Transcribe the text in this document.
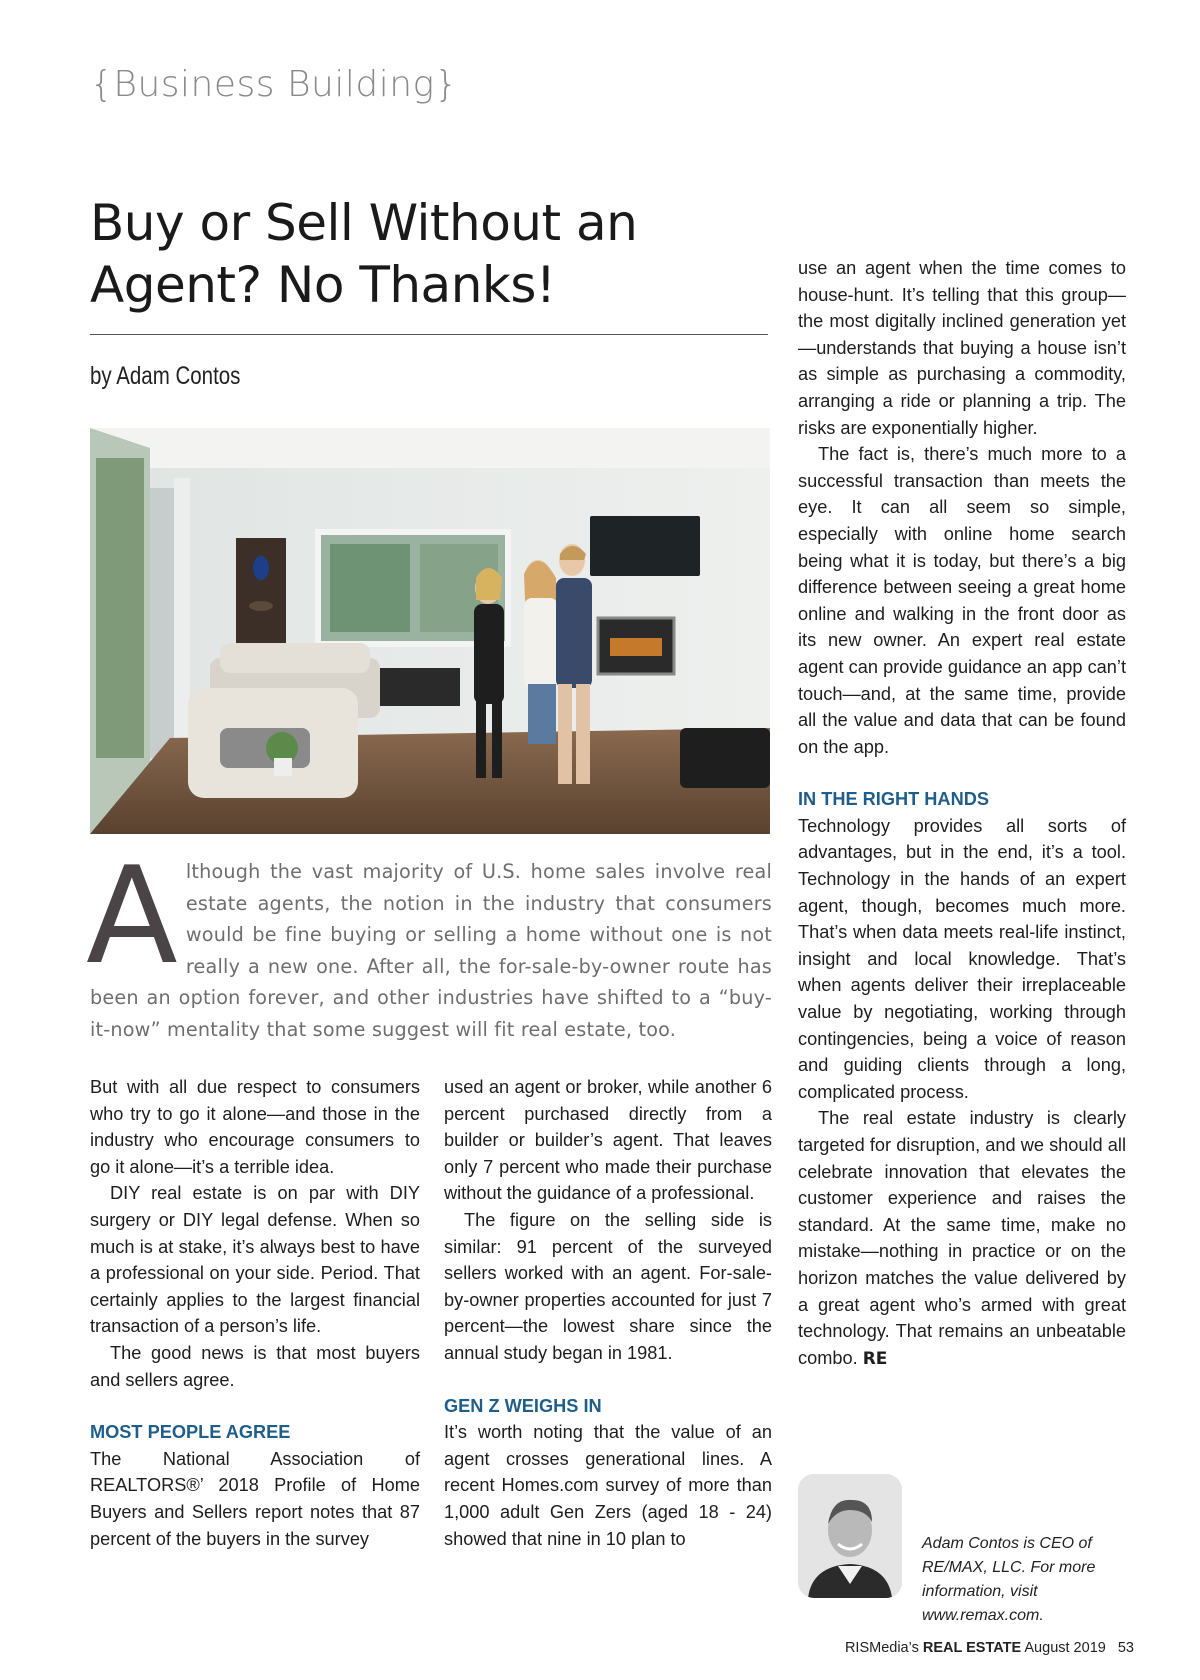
{Business Building}
Buy or Sell Without an Agent? No Thanks!
by Adam Contos
Although the vast majority of U.S. home sales involve real estate agents, the notion in the industry that consumers would be fine buying or selling a home without one is not really a new one. After all, the for-sale-by-owner route has been an option forever, and other industries have shifted to a “buy-it-now” mentality that some suggest will fit real estate, too.

But with all due respect to consumers who try to go it alone—and those in the industry who encourage consumers to go it alone—it’s a terrible idea.

DIY real estate is on par with DIY surgery or DIY legal defense. When so much is at stake, it’s always best to have a professional on your side. Period. That certainly applies to the largest financial transaction of a person’s life.

The good news is that most buyers and sellers agree.

MOST PEOPLE AGREE

The National Association of REALTORS®’ 2018 Profile of Home Buyers and Sellers report notes that 87 percent of the buyers in the survey

used an agent or broker, while another 6 percent purchased directly from a builder or builder’s agent. That leaves only 7 percent who made their purchase without the guidance of a professional.

The figure on the selling side is similar: 91 percent of the surveyed sellers worked with an agent. For-sale-by-owner properties accounted for just 7 percent—the lowest share since the annual study began in 1981.

GEN Z WEIGHS IN

It’s worth noting that the value of an agent crosses generational lines. A recent Homes.com survey of more than 1,000 adult Gen Zers (aged 18 - 24) showed that nine in 10 plan to

use an agent when the time comes to house-hunt. It’s telling that this group—the most digitally inclined generation yet—understands that buying a house isn’t as simple as purchasing a commodity, arranging a ride or planning a trip. The risks are exponentially higher.

The fact is, there’s much more to a successful transaction than meets the eye. It can all seem so simple, especially with online home search being what it is today, but there’s a big difference between seeing a great home online and walking in the front door as its new owner. An expert real estate agent can provide guidance an app can’t touch—and, at the same time, provide all the value and data that can be found on the app.

IN THE RIGHT HANDS

Technology provides all sorts of advantages, but in the end, it’s a tool. Technology in the hands of an expert agent, though, becomes much more. That’s when data meets real-life instinct, insight and local knowledge. That’s when agents deliver their irreplaceable value by negotiating, working through contingencies, being a voice of reason and guiding clients through a long, complicated process.

The real estate industry is clearly targeted for disruption, and we should all celebrate innovation that elevates the customer experience and raises the standard. At the same time, make no mistake—nothing in practice or on the horizon matches the value delivered by a great agent who’s armed with great technology. That remains an unbeatable combo. RE

Adam Contos is CEO of RE/MAX, LLC. For more information, visit www.remax.com.
RISMedia’s REAL ESTATE August 2019 53
